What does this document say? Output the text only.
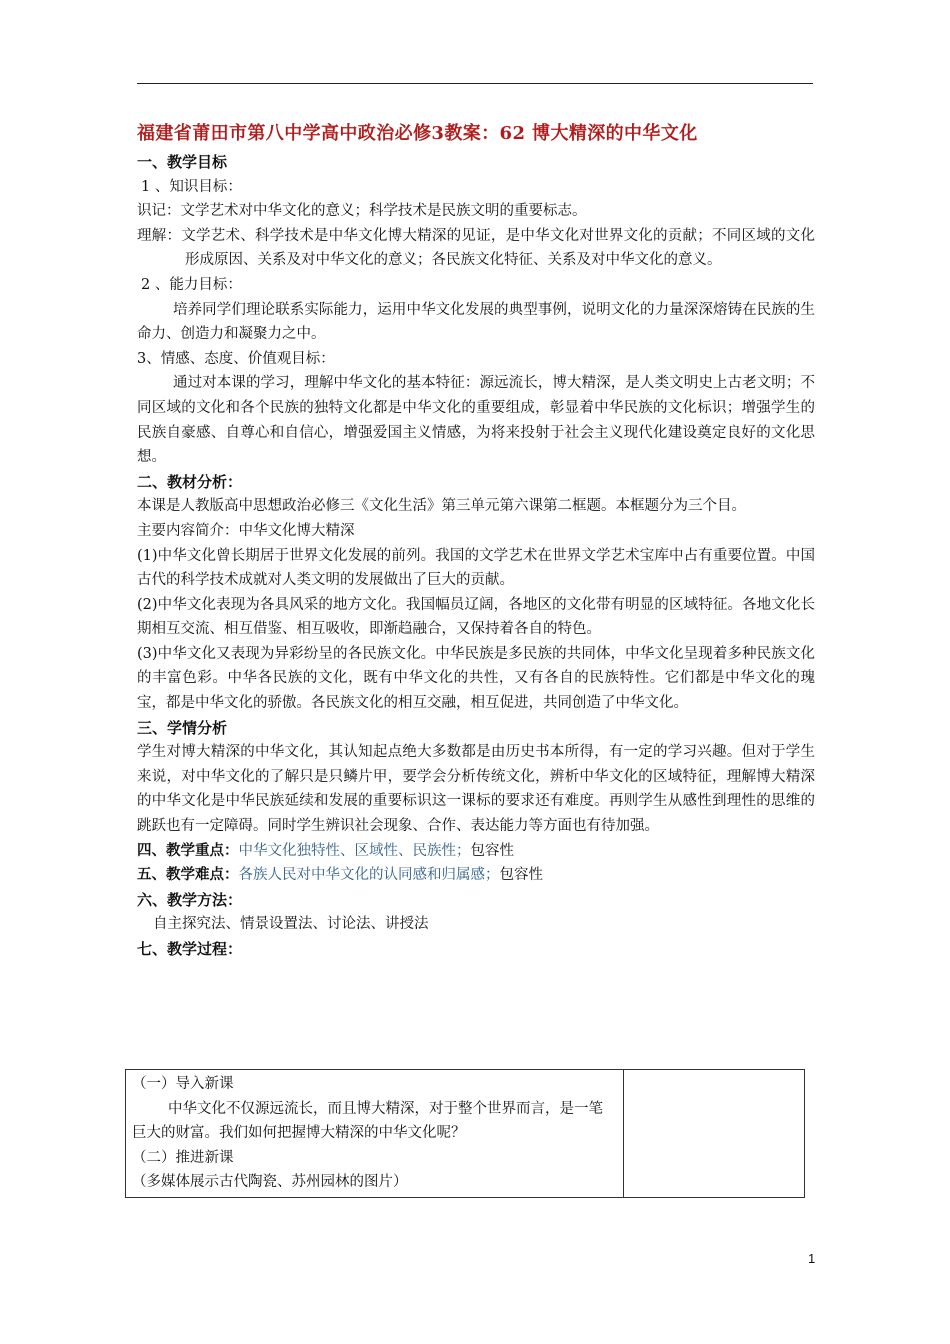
福建省莆田市第八中学高中政治必修3教案：62 博大精深的中华文化
一、教学目标
1 、知识目标：
识记：文学艺术对中华文化的意义；科学技术是民族文明的重要标志。
理解：文学艺术、科学技术是中华文化博大精深的见证，是中华文化对世界文化的贡献；不同区域的文化形成原因、关系及对中华文化的意义；各民族文化特征、关系及对中华文化的意义。
2 、能力目标：
培养同学们理论联系实际能力，运用中华文化发展的典型事例，说明文化的力量深深熔铸在民族的生命力、创造力和凝聚力之中。
3、情感、态度、价值观目标：
通过对本课的学习，理解中华文化的基本特征：源远流长，博大精深，是人类文明史上古老文明；不同区域的文化和各个民族的独特文化都是中华文化的重要组成，彰显着中华民族的文化标识；增强学生的民族自豪感、自尊心和自信心，增强爱国主义情感，为将来投射于社会主义现代化建设奠定良好的文化思想。
二、教材分析：
本课是人教版高中思想政治必修三《文化生活》第三单元第六课第二框题。本框题分为三个目。
主要内容简介：中华文化博大精深
(1)中华文化曾长期居于世界文化发展的前列。我国的文学艺术在世界文学艺术宝库中占有重要位置。中国古代的科学技术成就对人类文明的发展做出了巨大的贡献。
(2)中华文化表现为各具风采的地方文化。我国幅员辽阔，各地区的文化带有明显的区域特征。各地文化长期相互交流、相互借鉴、相互吸收，即渐趋融合，又保持着各自的特色。
(3)中华文化又表现为异彩纷呈的各民族文化。中华民族是多民族的共同体，中华文化呈现着多种民族文化的丰富色彩。中华各民族的文化，既有中华文化的共性，又有各自的民族特性。它们都是中华文化的瑰宝，都是中华文化的骄傲。各民族文化的相互交融，相互促进，共同创造了中华文化。
三、学情分析
学生对博大精深的中华文化，其认知起点绝大多数都是由历史书本所得，有一定的学习兴趣。但对于学生来说，对中华文化的了解只是只鳞片甲，要学会分析传统文化，辨析中华文化的区域特征，理解博大精深的中华文化是中华民族延续和发展的重要标识这一课标的要求还有难度。再则学生从感性到理性的思维的跳跃也有一定障碍。同时学生辨识社会现象、合作、表达能力等方面也有待加强。
四、教学重点：中华文化独特性、区域性、民族性；包容性
五、教学难点：各族人民对中华文化的认同感和归属感；包容性
六、教学方法：
自主探究法、情景设置法、讨论法、讲授法
七、教学过程：
（一）导入新课
中华文化不仅源远流长，而且博大精深，对于整个世界而言，是一笔巨大的财富。我们如何把握博大精深的中华文化呢？
（二）推进新课
（多媒体展示古代陶瓷、苏州园林的图片）

1
